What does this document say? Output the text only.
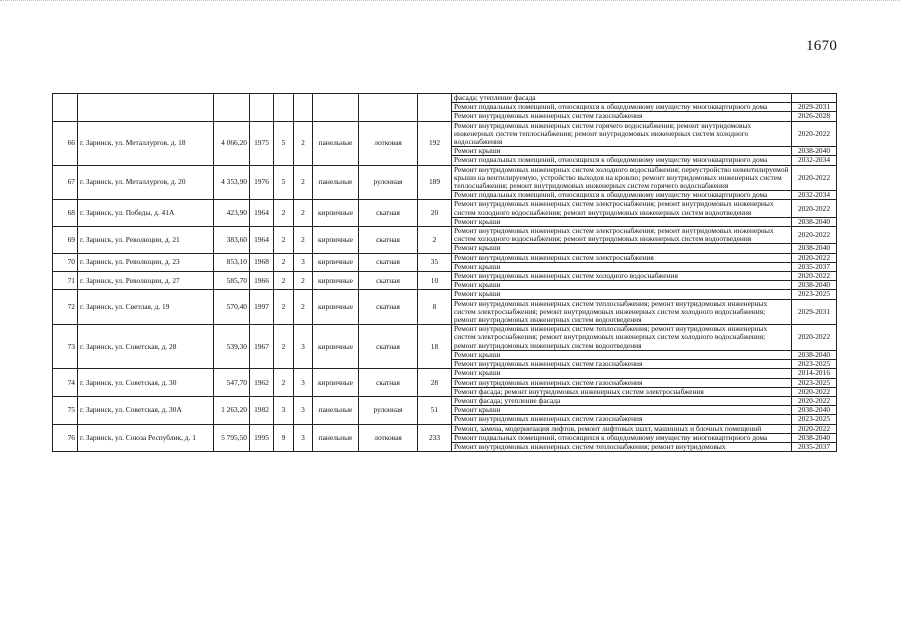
1670
									фасада; утепление фасада	
									Ремонт подвальных помещений, относящихся к общедомовому имуществу многоквартирного дома	2029-2031
									Ремонт внутридомовых инженерных систем газоснабжения	2026-2028
66	г. Заринск, ул. Металлургов, д. 18	4 066,20	1975	5	2	панельные	лотковая	192	Ремонт внутридомовых инженерных систем горячего водоснабжения; ремонт внутридомовых инженерных систем теплоснабжения; ремонт внутридомовых инженерных систем холодного водоснабжения	2020-2022
									Ремонт крыши	2038-2040
									Ремонт подвальных помещений, относящихся к общедомовому имуществу многоквартирного дома	2032-2034
67	г. Заринск, ул. Металлургов, д. 20	4 353,90	1976	5	2	панельные	рулонная	189	Ремонт внутридомовых инженерных систем холодного водоснабжения; переустройство невентилируемой крыши на вентилируемую, устройство выходов на кровлю; ремонт внутридомовых инженерных систем теплоснабжения; ремонт внутридомовых инженерных систем горячего водоснабжения	2020-2022
									Ремонт подвальных помещений, относящихся к общедомовому имуществу многоквартирного дома	2032-2034
68	г. Заринск, ул. Победы, д. 41А	423,90	1964	2	2	кирпичные	скатная	20	Ремонт внутридомовых инженерных систем электроснабжения; ремонт внутридомовых инженерных систем холодного водоснабжения; ремонт внутридомовых инженерных систем водоотведения	2020-2022
									Ремонт крыши	2038-2040
69	г. Заринск, ул. Революции, д. 21	383,60	1964	2	2	кирпичные	скатная	2	Ремонт внутридомовых инженерных систем электроснабжения; ремонт внутридомовых инженерных систем холодного водоснабжения; ремонт внутридомовых инженерных систем водоотведения	2020-2022
									Ремонт крыши	2038-2040
70	г. Заринск, ул. Революции, д. 23	853,10	1968	2	3	кирпичные	скатная	35	Ремонт внутридомовых инженерных систем электроснабжения	2020-2022
									Ремонт крыши	2035-2037
71	г. Заринск, ул. Революции, д. 27	585,70	1966	2	2	кирпичные	скатная	10	Ремонт внутридомовых инженерных систем холодного водоснабжения	2020-2022
									Ремонт крыши	2038-2040
72	г. Заринск, ул. Светлая, д. 19	570,40	1997	2	2	кирпичные	скатная	8	Ремонт крыши	2023-2025
									Ремонт внутридомовых инженерных систем теплоснабжения; ремонт внутридомовых инженерных систем электроснабжения; ремонт внутридомовых инженерных систем холодного водоснабжения; ремонт внутридомовых инженерных систем водоотведения	2029-2031
73	г. Заринск, ул. Советская, д. 28	539,30	1967	2	3	кирпичные	скатная	18	Ремонт внутридомовых инженерных систем теплоснабжения; ремонт внутридомовых инженерных систем электроснабжения; ремонт внутридомовых инженерных систем холодного водоснабжения; ремонт внутридомовых инженерных систем водоотведения	2020-2022
									Ремонт крыши	2038-2040
									Ремонт внутридомовых инженерных систем газоснабжения	2023-2025
74	г. Заринск, ул. Советская, д. 30	547,70	1962	2	3	кирпичные	скатная	28	Ремонт крыши	2014-2016
									Ремонт внутридомовых инженерных систем газоснабжения	2023-2025
									Ремонт фасада; ремонт внутридомовых инженерных систем электроснабжения	2020-2022
75	г. Заринск, ул. Советская, д. 30А	1 263,20	1982	3	3	панельные	рулонная	51	Ремонт фасада; утепление фасада	2020-2022
									Ремонт крыши	2038-2040
									Ремонт внутридомовых инженерных систем газоснабжения	2023-2025
76	г. Заринск, ул. Союза Республик, д. 1	5 795,50	1995	9	3	панельные	лотковая	233	Ремонт, замена, модернизация лифтов, ремонт лифтовых шахт, машинных и блочных помещений	2020-2022
									Ремонт подвальных помещений, относящихся к общедомовому имуществу многоквартирного дома	2038-2040
									Ремонт внутридомовых инженерных систем теплоснабжения; ремонт внутридомовых	2035-2037
